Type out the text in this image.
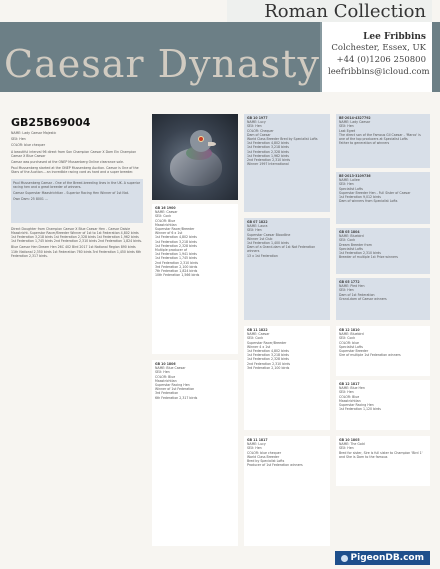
Roman Collection
Caesar Dynasty
Lee Fribbins
Colchester, Essex, UK
+44 (0)1206 250800
leefribbins@icloud.com
GB25B69004

NAME: Lady Caesar Majestic

SEX: Hen

COLOR: blue chequer

A beautiful interval 96 direct from Son Champion Caesar X Dam Ein Champion Caesar X Blue Caesar

Caesar was purchased at the ONEP Mussenberg Online clearance sale.

Paul Mussenberg started at the ONEP Mussenberg Auction. Caesar is One of the Stars of the Auction... an incredible racing card as hard and a super breeder.

Paul Mussenberg Caesar - One of the Breed-breeding lines in the UK. A superior racing hen and a great breeder of winners.

Caesar Superstar Maastrichtian - Superior Racing Hen Winner of 1st Nat.

Own Dam: 25 8001 ...

Direct Daughter from Champion Caesar X Blue Caesar Hen - Caesar Daisie Maastricht. Superstar Racer/Breeder Winner of 1st to 1st Federation 4,802 birds 1st Federation 3,218 birds 1st Federation 2,328 birds 1st Federation 1,962 birds 1st Federation 1,745 birds 2nd Federation 2,310 birds 2nd Federation 1,824 birds.

Blue Caesar Hen Dream Hen 26C 402 Bird 2017 1st National Region 890 birds 11th National 2,350 birds 1st Federation 760 birds 3rd Federation 1,450 birds 6th Federation 2,317 birds.

GB 16 1900
NAME: Caesar
SEX: Cock
COLOR: Blue
Maastrichtian
Superstar Racer/Breeder
Winner of 6 x 1st
1st Federation 4,802 birds
1st Federation 3,218 birds
1st Federation 2,328 birds
Multiple producer of
1st Federation 1,941 birds
1st Federation 1,745 birds
2nd Federation 2,310 birds
3rd Federation 2,100 birds
7th Federation 1,824 birds
10th Federation 1,566 birds
GB 10 1806
NAME: Blue Caesar
SEX: Hen
COLOR: Blue
Maastrichtian
Superstar Racing Hen
Winner of 1st Federation
3rd Federation
6th Federation 2,317 birds
GB 10 1977
NAME: Lucy
SEX: Hen
COLOR: Chequer
Dam of Caesar
World Class Breeder Bred by Specialist Lofts
1st Federation 4,802 birds
1st Federation 3,218 birds
1st Federation 2,328 birds
1st Federation 1,962 birds
2nd Federation 2,310 birds
Winner 1997 International
GB 07 1822
NAME: Laura
SEX: Hen
Superstar Caesar Bloodline
Winner 1st Club
1st Federation 1,400 birds
Dam of a Grand-dam of 1st Nat Federation winners
13 x 1st Federation
GB 11 1822
NAME: Caesar
SEX: Cock
Superstar Racer/Breeder
Winner 4 x 1st
1st Federation 4,802 birds
1st Federation 3,218 birds
1st Federation 2,328 birds
2nd Federation 2,310 birds
3rd Federation 2,100 birds
GB 11 1817
NAME: Lucy
SEX: Hen
COLOR: blue chequer
World Class Breeder
Bred by Specialist Lofts
Producer of 1st Federation winners
BE-2014-4327792
NAME: Lady Caesar
SEX: Hen
Last Egret
The direct son of the Famous Gil Caesar - 'Marco' is one of the top producers at Specialist Lofts
Father to generation of winners
BE-2013-3109736
NAME: Lollee
SEX: Hen
Specialist Lofts
Superstar Breeder Hen - Full Sister of Caesar
1st Federation 9,012 birds
Dam of winners from Specialist Lofts
GB 05 1804
NAME: Bluebird
SEX: Cock
Dream Breeder from
Specialist Lofts
1st Federation 2,310 birds
Breeder of multiple 1st Prize winners
GB 05 1772
NAME: Pied Hen
SEX: Hen
Dam of 1st Federation
Grand-dam of Caesar winners
GB 12 1810
NAME: Bluebird
SEX: Cock
COLOR: blue
Specialist Lofts
Superstar Breeder
Sire of multiple 1st Federation winners
GB 12 1817
NAME: Blue Hen
SEX: Hen
COLOR: Blue
Maastrichtian
Superstar Racing Hen
1st Federation 1,120 birds
GB 10 1805
NAME: The Gold
SEX: Hen
Bred for sister, Sire is full sister to Champion 'Bird 1' and She is Dam to the famous
PigeonDB.com
